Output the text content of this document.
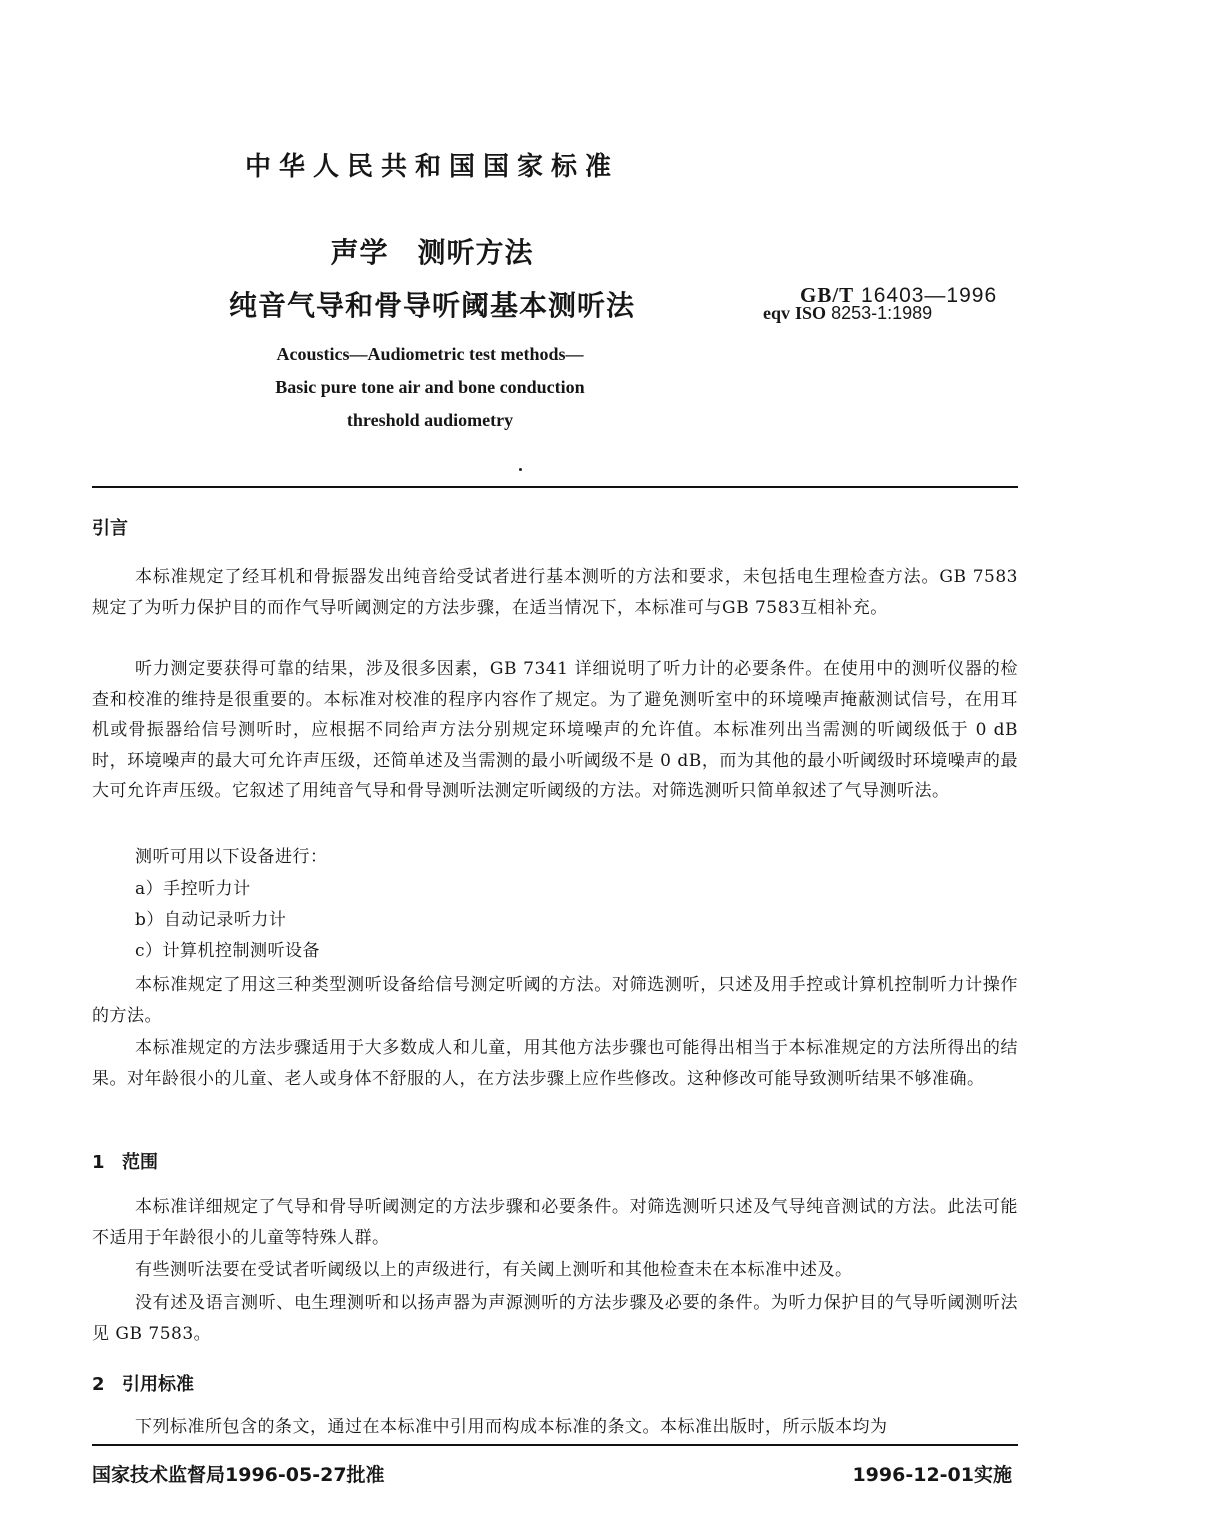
中华人民共和国国家标准
声学　测听方法
纯音气导和骨导听阈基本测听法	GB/T 16403—1996
eqv ISO 8253-1:1989
Acoustics—Audiometric test methods—
Basic pure tone air and bone conduction
threshold audiometry
引言
本标准规定了经耳机和骨振器发出纯音给受试者进行基本测听的方法和要求，未包括电生理检查方法。GB 7583 规定了为听力保护目的而作气导听阈测定的方法步骤，在适当情况下，本标准可与GB 7583互相补充。
听力测定要获得可靠的结果，涉及很多因素，GB 7341 详细说明了听力计的必要条件。在使用中的测听仪器的检查和校准的维持是很重要的。本标准对校准的程序内容作了规定。为了避免测听室中的环境噪声掩蔽测试信号，在用耳机或骨振器给信号测听时，应根据不同给声方法分别规定环境噪声的允许值。本标准列出当需测的听阈级低于 0 dB 时，环境噪声的最大可允许声压级，还简单述及当需测的最小听阈级不是 0 dB，而为其他的最小听阈级时环境噪声的最大可允许声压级。它叙述了用纯音气导和骨导测听法测定听阈级的方法。对筛选测听只简单叙述了气导测听法。
测听可用以下设备进行：
a）手控听力计
b）自动记录听力计
c）计算机控制测听设备
本标准规定了用这三种类型测听设备给信号测定听阈的方法。对筛选测听，只述及用手控或计算机控制听力计操作的方法。
本标准规定的方法步骤适用于大多数成人和儿童，用其他方法步骤也可能得出相当于本标准规定的方法所得出的结果。对年龄很小的儿童、老人或身体不舒服的人，在方法步骤上应作些修改。这种修改可能导致测听结果不够准确。
1 范围
本标准详细规定了气导和骨导听阈测定的方法步骤和必要条件。对筛选测听只述及气导纯音测试的方法。此法可能不适用于年龄很小的儿童等特殊人群。
有些测听法要在受试者听阈级以上的声级进行，有关阈上测听和其他检查未在本标准中述及。
没有述及语言测听、电生理测听和以扬声器为声源测听的方法步骤及必要的条件。为听力保护目的气导听阈测听法见 GB 7583。
2 引用标准
下列标准所包含的条文，通过在本标准中引用而构成本标准的条文。本标准出版时，所示版本均为
国家技术监督局1996-05-27批准	1996-12-01实施
